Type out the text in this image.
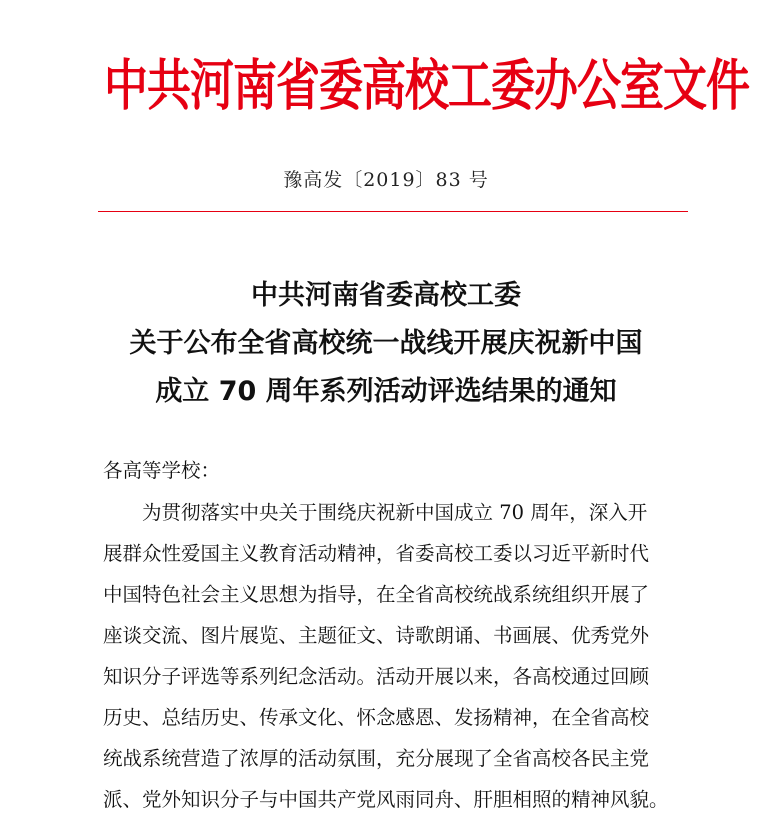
中共河南省委高校工委办公室文件
豫高发〔2019〕83 号
中共河南省委高校工委
关于公布全省高校统一战线开展庆祝新中国
成立 70 周年系列活动评选结果的通知
各高等学校：
　　为贯彻落实中央关于围绕庆祝新中国成立 70 周年，深入开
展群众性爱国主义教育活动精神，省委高校工委以习近平新时代
中国特色社会主义思想为指导，在全省高校统战系统组织开展了
座谈交流、图片展览、主题征文、诗歌朗诵、书画展、优秀党外
知识分子评选等系列纪念活动。活动开展以来，各高校通过回顾
历史、总结历史、传承文化、怀念感恩、发扬精神，在全省高校
统战系统营造了浓厚的活动氛围，充分展现了全省高校各民主党
派、党外知识分子与中国共产党风雨同舟、肝胆相照的精神风貌。
